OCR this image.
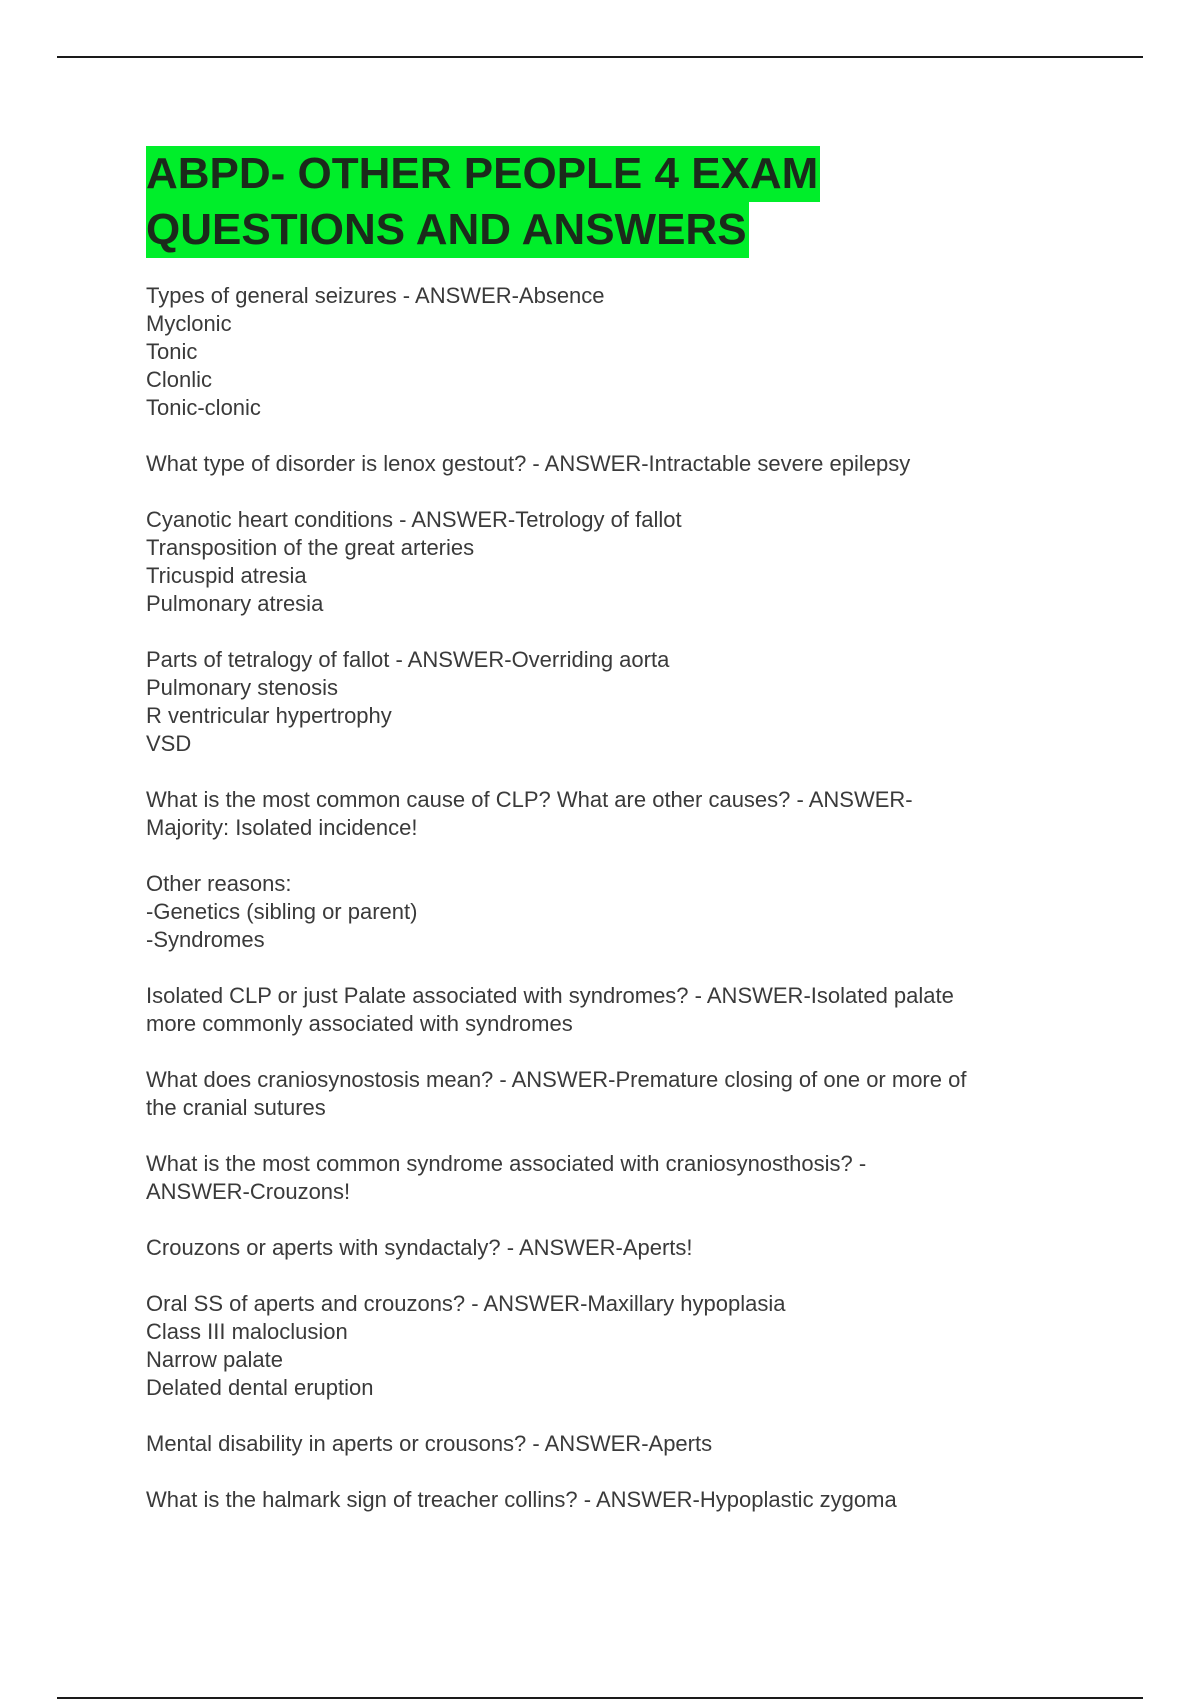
ABPD- OTHER PEOPLE 4 EXAM
QUESTIONS AND ANSWERS

Types of general seizures - ANSWER-Absence
Myclonic
Tonic
Clonlic
Tonic-clonic

What type of disorder is lenox gestout? - ANSWER-Intractable severe epilepsy

Cyanotic heart conditions - ANSWER-Tetrology of fallot
Transposition of the great arteries
Tricuspid atresia
Pulmonary atresia

Parts of tetralogy of fallot - ANSWER-Overriding aorta
Pulmonary stenosis
R ventricular hypertrophy
VSD

What is the most common cause of CLP? What are other causes? - ANSWER-
Majority: Isolated incidence!

Other reasons:
-Genetics (sibling or parent)
-Syndromes

Isolated CLP or just Palate associated with syndromes? - ANSWER-Isolated palate
more commonly associated with syndromes

What does craniosynostosis mean? - ANSWER-Premature closing of one or more of
the cranial sutures

What is the most common syndrome associated with craniosynosthosis? -
ANSWER-Crouzons!

Crouzons or aperts with syndactaly? - ANSWER-Aperts!

Oral SS of aperts and crouzons? - ANSWER-Maxillary hypoplasia
Class III maloclusion
Narrow palate
Delated dental eruption

Mental disability in aperts or crousons? - ANSWER-Aperts

What is the halmark sign of treacher collins? - ANSWER-Hypoplastic zygoma
